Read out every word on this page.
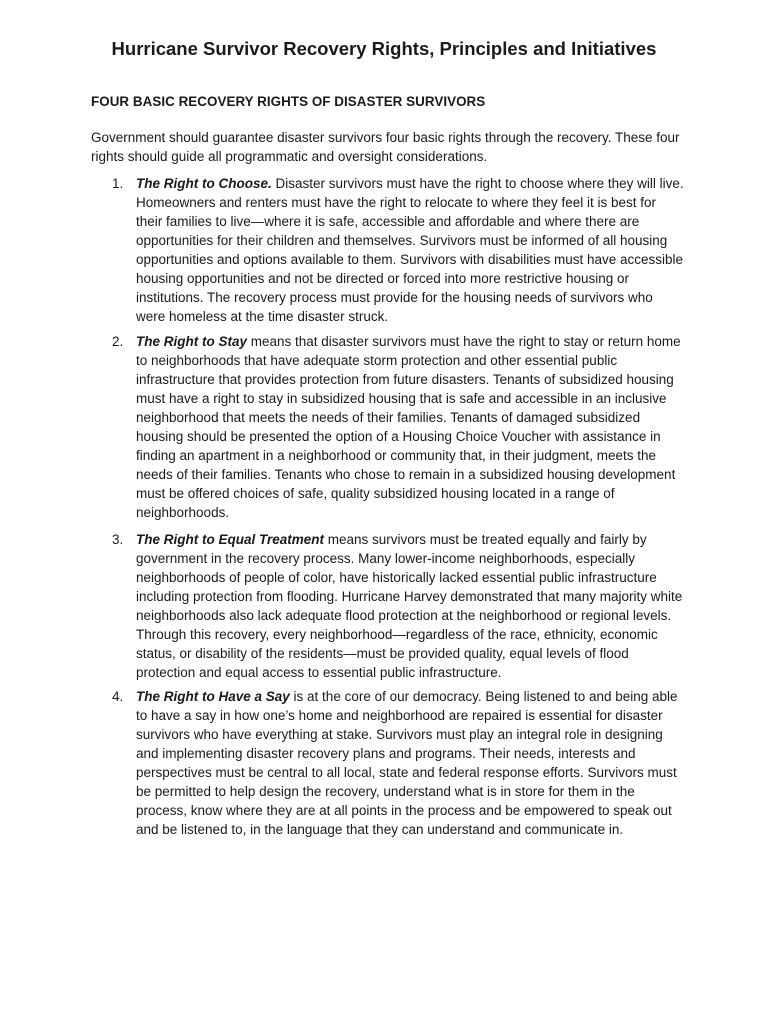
Hurricane Survivor Recovery Rights, Principles and Initiatives
FOUR BASIC RECOVERY RIGHTS OF DISASTER SURVIVORS

Government should guarantee disaster survivors four basic rights through the recovery. These four rights should guide all programmatic and oversight considerations.

1. The Right to Choose. Disaster survivors must have the right to choose where they will live. Homeowners and renters must have the right to relocate to where they feel it is best for their families to live—where it is safe, accessible and affordable and where there are opportunities for their children and themselves. Survivors must be informed of all housing opportunities and options available to them. Survivors with disabilities must have accessible housing opportunities and not be directed or forced into more restrictive housing or institutions. The recovery process must provide for the housing needs of survivors who were homeless at the time disaster struck.

2. The Right to Stay means that disaster survivors must have the right to stay or return home to neighborhoods that have adequate storm protection and other essential public infrastructure that provides protection from future disasters. Tenants of subsidized housing must have a right to stay in subsidized housing that is safe and accessible in an inclusive neighborhood that meets the needs of their families. Tenants of damaged subsidized housing should be presented the option of a Housing Choice Voucher with assistance in finding an apartment in a neighborhood or community that, in their judgment, meets the needs of their families. Tenants who chose to remain in a subsidized housing development must be offered choices of safe, quality subsidized housing located in a range of neighborhoods.

3. The Right to Equal Treatment means survivors must be treated equally and fairly by government in the recovery process. Many lower-income neighborhoods, especially neighborhoods of people of color, have historically lacked essential public infrastructure including protection from flooding. Hurricane Harvey demonstrated that many majority white neighborhoods also lack adequate flood protection at the neighborhood or regional levels. Through this recovery, every neighborhood—regardless of the race, ethnicity, economic status, or disability of the residents—must be provided quality, equal levels of flood protection and equal access to essential public infrastructure.

4. The Right to Have a Say is at the core of our democracy. Being listened to and being able to have a say in how one’s home and neighborhood are repaired is essential for disaster survivors who have everything at stake. Survivors must play an integral role in designing and implementing disaster recovery plans and programs. Their needs, interests and perspectives must be central to all local, state and federal response efforts. Survivors must be permitted to help design the recovery, understand what is in store for them in the process, know where they are at all points in the process and be empowered to speak out and be listened to, in the language that they can understand and communicate in.
